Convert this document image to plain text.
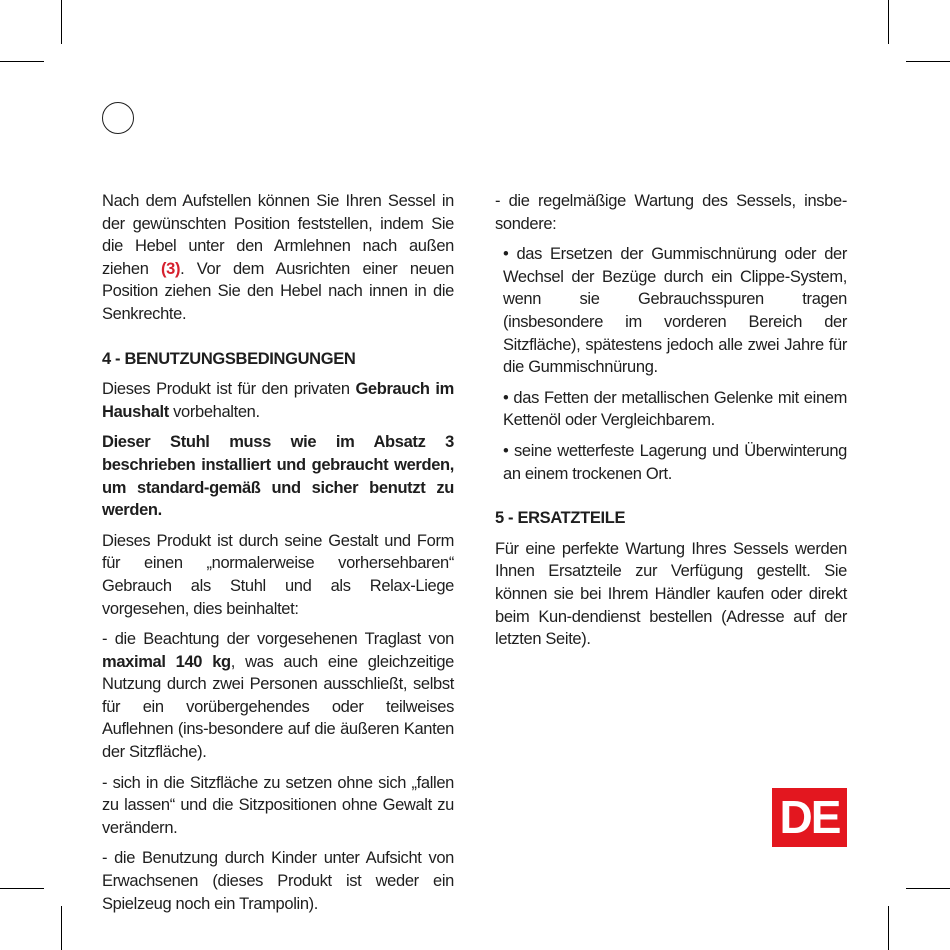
Nach dem Aufstellen können Sie Ihren Sessel in der gewünschten Position feststellen, indem Sie die Hebel unter den Armlehnen nach außen ziehen (3). Vor dem Ausrichten einer neuen Position ziehen Sie den Hebel nach innen in die Senkrechte.

4 - BENUTZUNGSBEDINGUNGEN

Dieses Produkt ist für den privaten Gebrauch im Haushalt vorbehalten.

Dieser Stuhl muss wie im Absatz 3 beschrieben installiert und gebraucht werden, um standard-gemäß und sicher benutzt zu werden.

Dieses Produkt ist durch seine Gestalt und Form für einen „normalerweise vorhersehbaren“ Gebrauch als Stuhl und als Relax-Liege vorgesehen, dies beinhaltet:

- die Beachtung der vorgesehenen Traglast von maximal 140 kg, was auch eine gleichzeitige Nutzung durch zwei Personen ausschließt, selbst für ein vorübergehendes oder teilweises Auflehnen (ins-besondere auf die äußeren Kanten der Sitzfläche).

- sich in die Sitzfläche zu setzen ohne sich „fallen zu lassen“ und die Sitzpositionen ohne Gewalt zu verändern.

- die Benutzung durch Kinder unter Aufsicht von Erwachsenen (dieses Produkt ist weder ein Spielzeug noch ein Trampolin).

- die regelmäßige Wartung des Sessels, insbe-sondere:

• das Ersetzen der Gummischnürung oder der Wechsel der Bezüge durch ein Clippe-System, wenn sie Gebrauchsspuren tragen (insbesondere im vorderen Bereich der Sitzfläche), spätestens jedoch alle zwei Jahre für die Gummischnürung.

• das Fetten der metallischen Gelenke mit einem Kettenöl oder Vergleichbarem.

• seine wetterfeste Lagerung und Überwinterung an einem trockenen Ort.

5 - ERSATZTEILE

Für eine perfekte Wartung Ihres Sessels werden Ihnen Ersatzteile zur Verfügung gestellt. Sie können sie bei Ihrem Händler kaufen oder direkt beim Kun-dendienst bestellen (Adresse auf der letzten Seite).

DE
